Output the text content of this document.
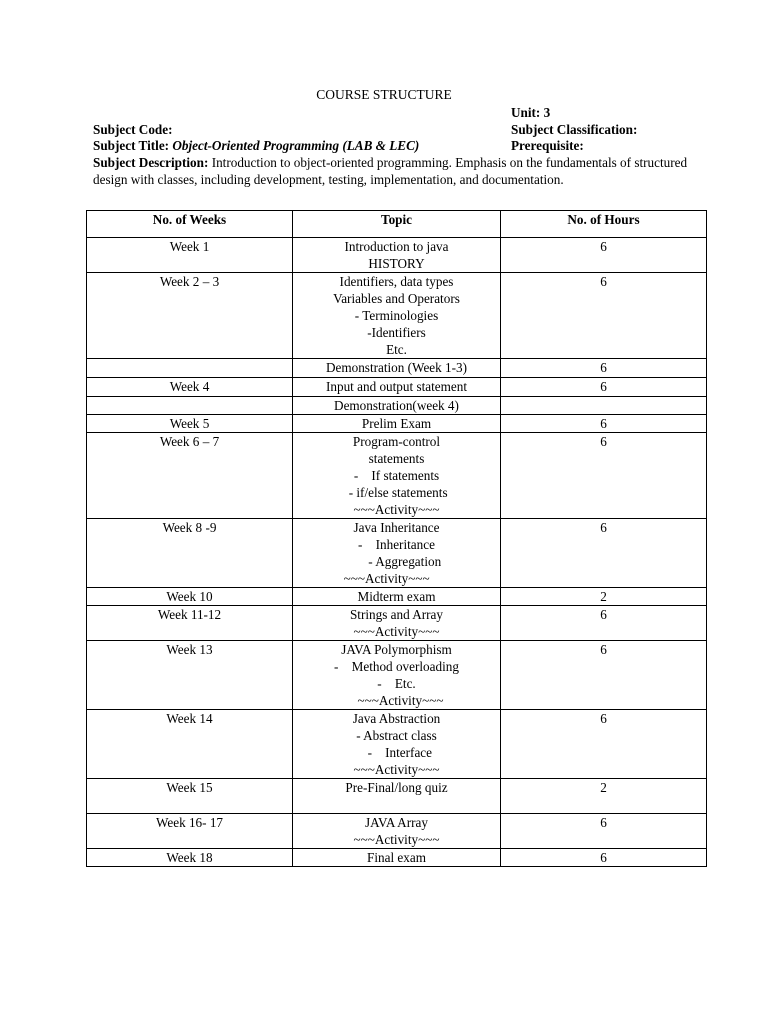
COURSE STRUCTURE
Unit: 3
Subject Code:	Subject Classification:
Subject Title: Object-Oriented Programming (LAB & LEC)	Prerequisite:
Subject Description: Introduction to object-oriented programming. Emphasis on the fundamentals of structured design with classes, including development, testing, implementation, and documentation.
No. of Weeks	Topic	No. of Hours
Week 1	Introduction to java
HISTORY	6
Week 2 – 3	Identifiers, data types
Variables and Operators
- Terminologies
-Identifiers
Etc.	6

	Demonstration (Week 1-3)	6
Week 4	Input and output statement	6

	Demonstration(week 4)	

Week 5	Prelim Exam	6
Week 6 – 7	Program-control
statements
-    If statements
- if/else statements
~~~Activity~~~	6
Week 8 -9	Java Inheritance
-    Inheritance
- Aggregation
~~~Activity~~~	6
Week 10	Midterm exam	2
Week 11-12	Strings and Array
~~~Activity~~~	6
Week 13	JAVA Polymorphism
-    Method overloading
-    Etc.
~~~Activity~~~	6
Week 14	Java Abstraction
- Abstract class
-    Interface
~~~Activity~~~	6
Week 15	Pre-Final/long quiz	2
Week 16- 17	JAVA Array
~~~Activity~~~	6
Week 18	Final exam	6
